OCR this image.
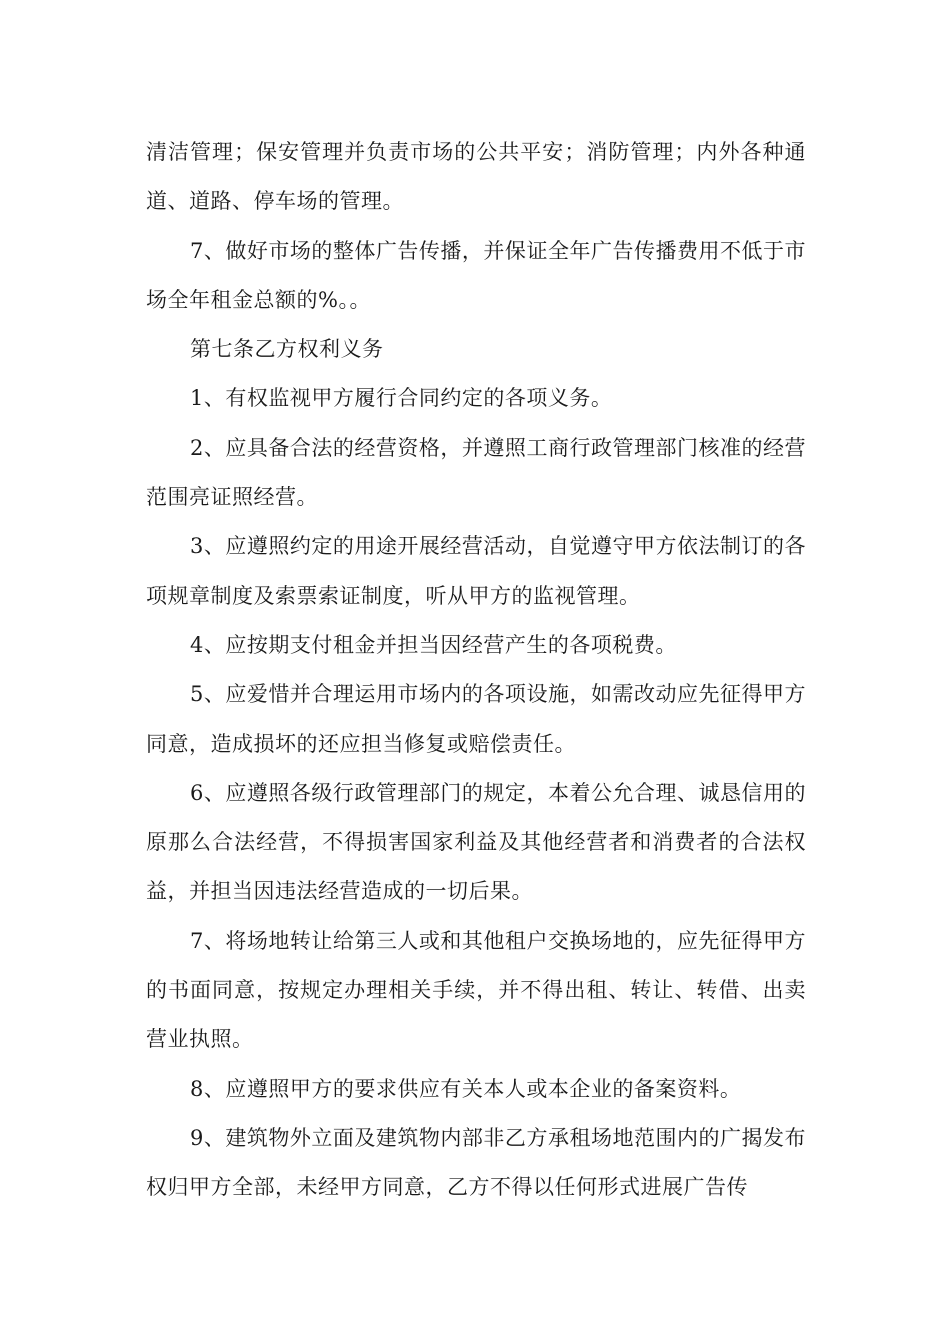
清洁管理；保安管理并负责市场的公共平安；消防管理；内外各种通道、道路、停车场的管理。

7、做好市场的整体广告传播，并保证全年广告传播费用不低于市场全年租金总额的%。。

第七条乙方权利义务

1、有权监视甲方履行合同约定的各项义务。

2、应具备合法的经营资格，并遵照工商行政管理部门核准的经营范围亮证照经营。

3、应遵照约定的用途开展经营活动，自觉遵守甲方依法制订的各项规章制度及索票索证制度，听从甲方的监视管理。

4、应按期支付租金并担当因经营产生的各项税费。

5、应爱惜并合理运用市场内的各项设施，如需改动应先征得甲方同意，造成损坏的还应担当修复或赔偿责任。

6、应遵照各级行政管理部门的规定，本着公允合理、诚恳信用的原那么合法经营，不得损害国家利益及其他经营者和消费者的合法权益，并担当因违法经营造成的一切后果。

7、将场地转让给第三人或和其他租户交换场地的，应先征得甲方的书面同意，按规定办理相关手续，并不得出租、转让、转借、出卖营业执照。

8、应遵照甲方的要求供应有关本人或本企业的备案资料。

9、建筑物外立面及建筑物内部非乙方承租场地范围内的广揭发布权归甲方全部，未经甲方同意，乙方不得以任何形式进展广告传
